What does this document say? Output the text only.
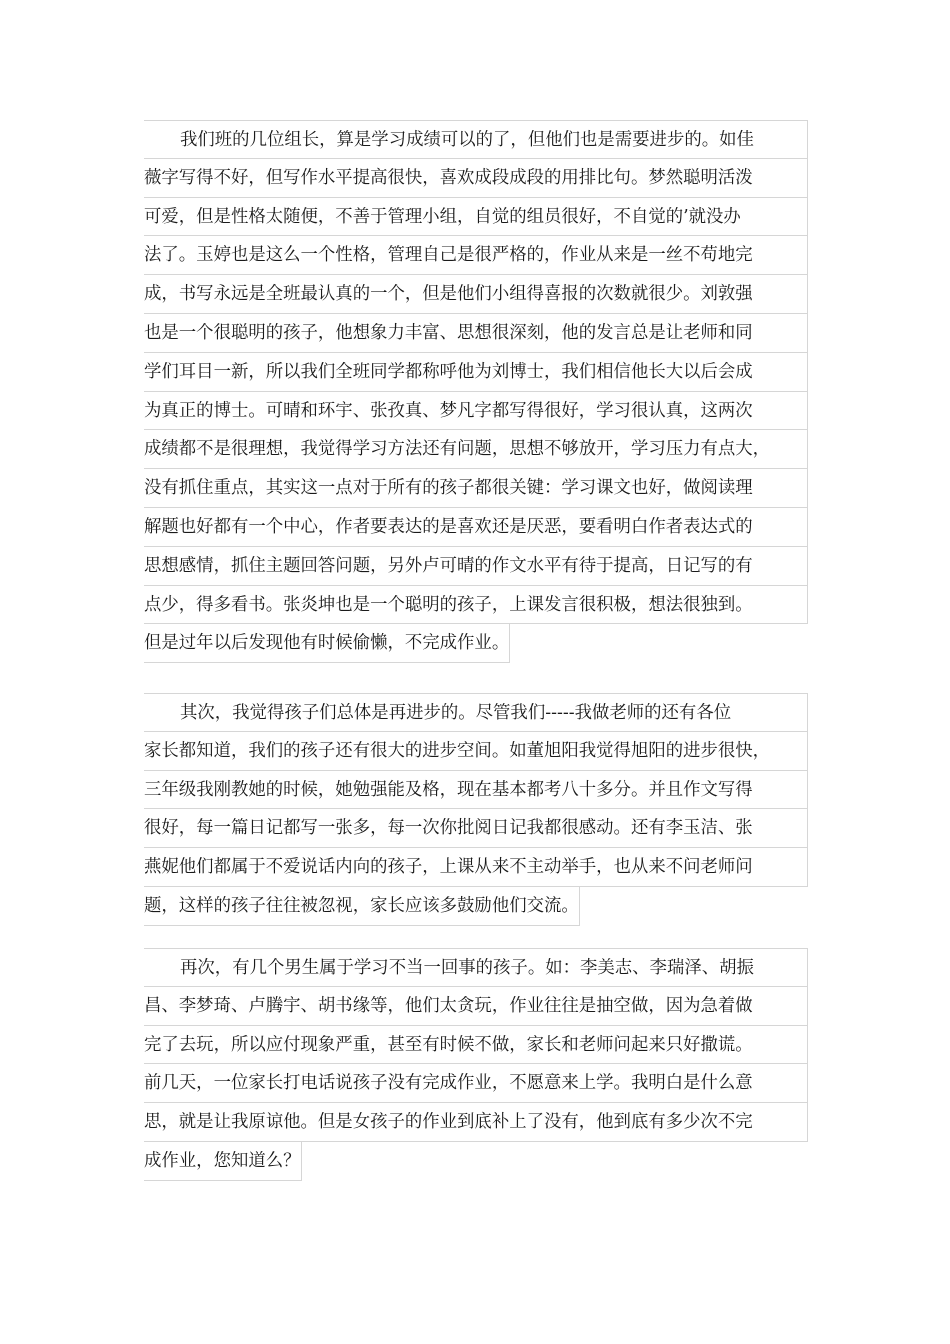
我们班的几位组长，算是学习成绩可以的了，但他们也是需要进步的。如佳
薇字写得不好，但写作水平提高很快，喜欢成段成段的用排比句。梦然聪明活泼
可爱，但是性格太随便，不善于管理小组，自觉的组员很好，不自觉的’就没办
法了。玉婷也是这么一个性格，管理自己是很严格的，作业从来是一丝不苟地完
成，书写永远是全班最认真的一个，但是他们小组得喜报的次数就很少。刘敦强
也是一个很聪明的孩子，他想象力丰富、思想很深刻，他的发言总是让老师和同
学们耳目一新，所以我们全班同学都称呼他为刘博士，我们相信他长大以后会成
为真正的博士。可晴和环宇、张孜真、梦凡字都写得很好，学习很认真，这两次
成绩都不是很理想，我觉得学习方法还有问题，思想不够放开，学习压力有点大，
没有抓住重点，其实这一点对于所有的孩子都很关键：学习课文也好，做阅读理
解题也好都有一个中心，作者要表达的是喜欢还是厌恶，要看明白作者表达式的
思想感情，抓住主题回答问题，另外卢可晴的作文水平有待于提高，日记写的有
点少，得多看书。张炎坤也是一个聪明的孩子，上课发言很积极，想法很独到。
但是过年以后发现他有时候偷懒，不完成作业。

其次，我觉得孩子们总体是再进步的。尽管我们-----我做老师的还有各位
家长都知道，我们的孩子还有很大的进步空间。如董旭阳我觉得旭阳的进步很快，
三年级我刚教她的时候，她勉强能及格，现在基本都考八十多分。并且作文写得
很好，每一篇日记都写一张多，每一次你批阅日记我都很感动。还有李玉洁、张
燕妮他们都属于不爱说话内向的孩子，上课从来不主动举手，也从来不问老师问
题，这样的孩子往往被忽视，家长应该多鼓励他们交流。

再次，有几个男生属于学习不当一回事的孩子。如：李美志、李瑞泽、胡振
昌、李梦琦、卢腾宇、胡书缘等，他们太贪玩，作业往往是抽空做，因为急着做
完了去玩，所以应付现象严重，甚至有时候不做，家长和老师问起来只好撒谎。
前几天，一位家长打电话说孩子没有完成作业，不愿意来上学。我明白是什么意
思，就是让我原谅他。但是女孩子的作业到底补上了没有，他到底有多少次不完
成作业，您知道么？
